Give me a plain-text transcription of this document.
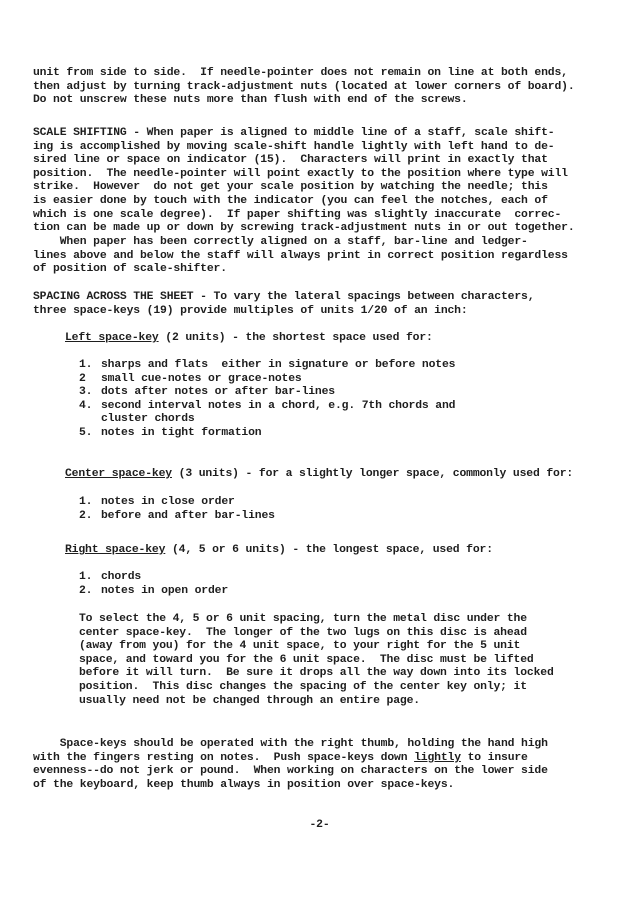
unit from side to side.  If needle-pointer does not remain on line at both ends,
then adjust by turning track-adjustment nuts (located at lower corners of board).
Do not unscrew these nuts more than flush with end of the screws.

SCALE SHIFTING - When paper is aligned to middle line of a staff, scale shift-
ing is accomplished by moving scale-shift handle lightly with left hand to de-
sired line or space on indicator (15).  Characters will print in exactly that
position.  The needle-pointer will point exactly to the position where type will
strike.  However  do not get your scale position by watching the needle; this
is easier done by touch with the indicator (you can feel the notches, each of
which is one scale degree).  If paper shifting was slightly inaccurate  correc-
tion can be made up or down by screwing track-adjustment nuts in or out together.

When paper has been correctly aligned on a staff, bar-line and ledger-
lines above and below the staff will always print in correct position regardless
of position of scale-shifter.

SPACING ACROSS THE SHEET - To vary the lateral spacings between characters,
three space-keys (19) provide multiples of units 1/20 of an inch:
Left space-key (2 units) - the shortest space used for:
1. sharps and flats  either in signature or before notes
2	small cue-notes or grace-notes
3. dots after notes or after bar-lines
4. second interval notes in a chord, e.g. 7th chords and
cluster chords
5. notes in tight formation
Center space-key (3 units) - for a slightly longer space, commonly used for:
1. notes in close order
2. before and after bar-lines
Right space-key (4, 5 or 6 units) - the longest space, used for:
1. chords
2. notes in open order

To select the 4, 5 or 6 unit spacing, turn the metal disc under the
center space-key.  The longer of the two lugs on this disc is ahead
(away from you) for the 4 unit space, to your right for the 5 unit
space, and toward you for the 6 unit space.  The disc must be lifted
before it will turn.  Be sure it drops all the way down into its locked
position.  This disc changes the spacing of the center key only; it
usually need not be changed through an entire page.

Space-keys should be operated with the right thumb, holding the hand high
with the fingers resting on notes.  Push space-keys down lightly to insure
evenness--do not jerk or pound.  When working on characters on the lower side
of the keyboard, keep thumb always in position over space-keys.

-2-
